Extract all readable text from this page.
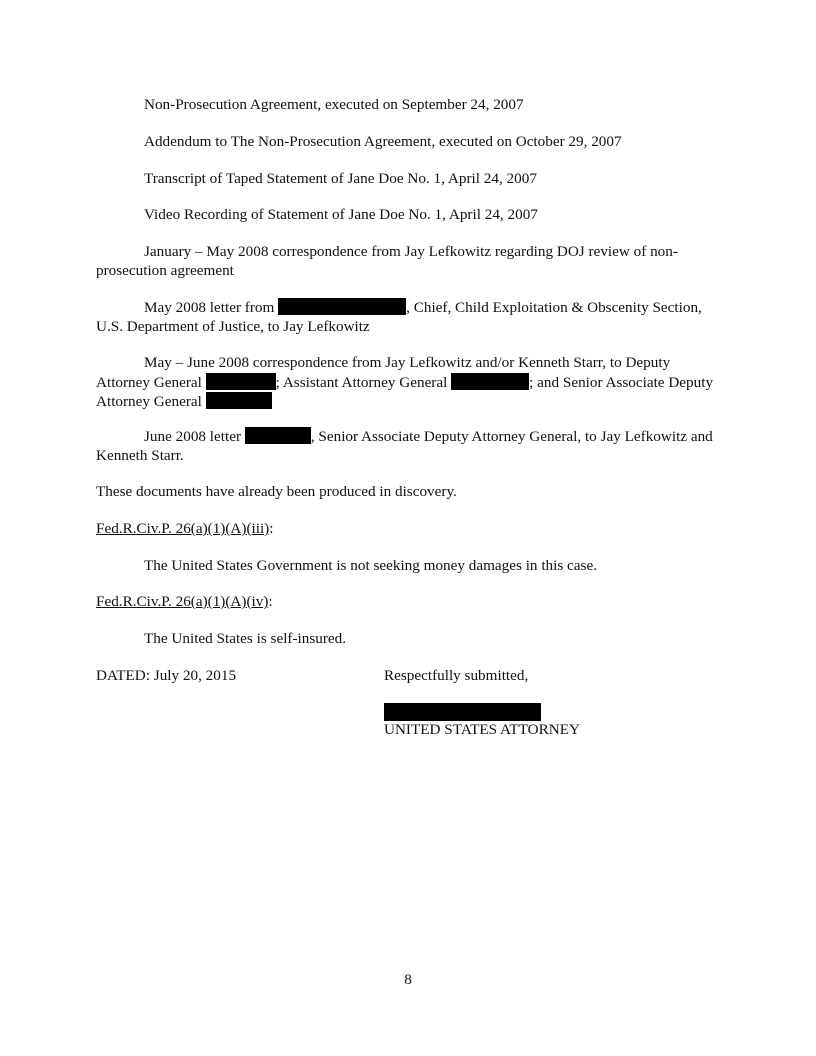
Non-Prosecution Agreement, executed on September 24, 2007
Addendum to The Non-Prosecution Agreement, executed on October 29, 2007
Transcript of Taped Statement of Jane Doe No. 1, April 24, 2007
Video Recording of Statement of Jane Doe No. 1, April 24, 2007
January – May 2008 correspondence from Jay Lefkowitz regarding DOJ review of non-prosecution agreement
May 2008 letter from	, Chief, Child Exploitation & Obscenity Section, U.S. Department of Justice, to Jay Lefkowitz
May – June 2008 correspondence from Jay Lefkowitz and/or Kenneth Starr, to Deputy Attorney General	; Assistant Attorney General	; and Senior Associate Deputy Attorney General
June 2008 letter	, Senior Associate Deputy Attorney General, to Jay Lefkowitz and Kenneth Starr.
These documents have already been produced in discovery.
Fed.R.Civ.P. 26(a)(1)(A)(iii):
The United States Government is not seeking money damages in this case.
Fed.R.Civ.P. 26(a)(1)(A)(iv):
The United States is self-insured.
DATED: July 20, 2015	Respectfully submitted,
UNITED STATES ATTORNEY
8
